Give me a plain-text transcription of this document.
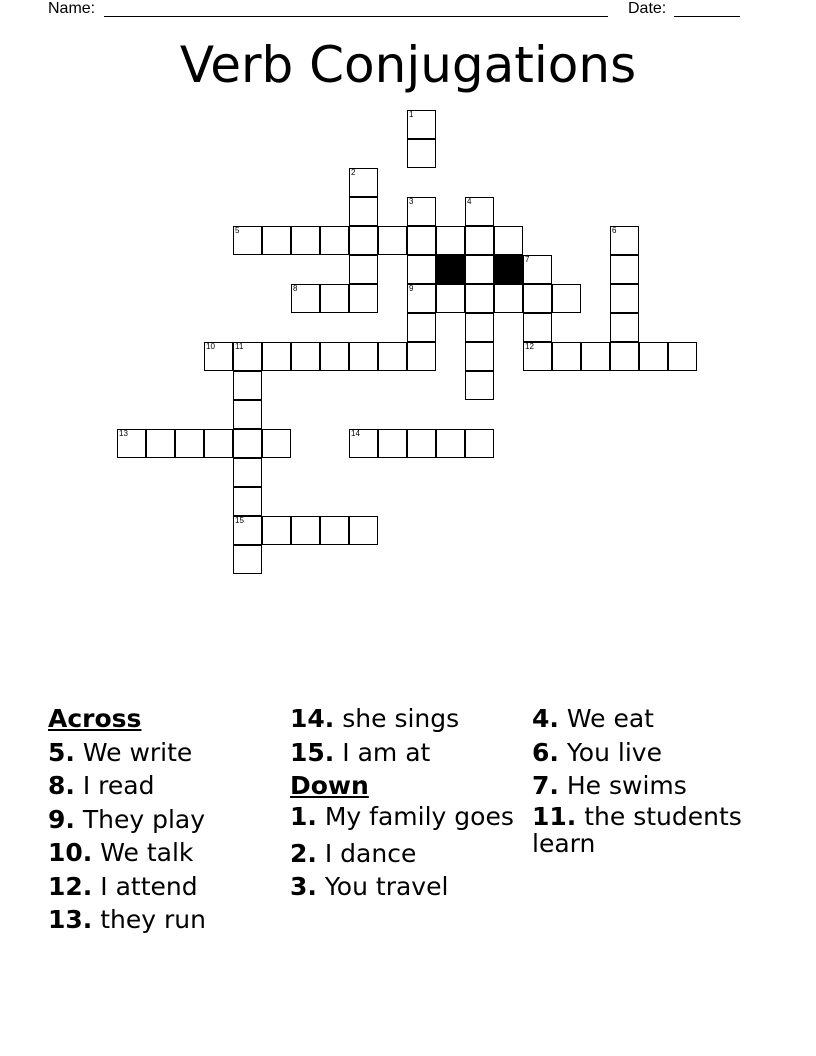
Name:	Date:
Verb Conjugations
1
2
3	4
5	6
7
8	9
10	11	12
13	14
15
Across
5. We write
8. I read
9. They play
10. We talk
12. I attend
13. they run
14. she sings
15. I am at
Down
1. My family goes
2. I dance
3. You travel
4. We eat
6. You live
7. He swims
11. the students learn
